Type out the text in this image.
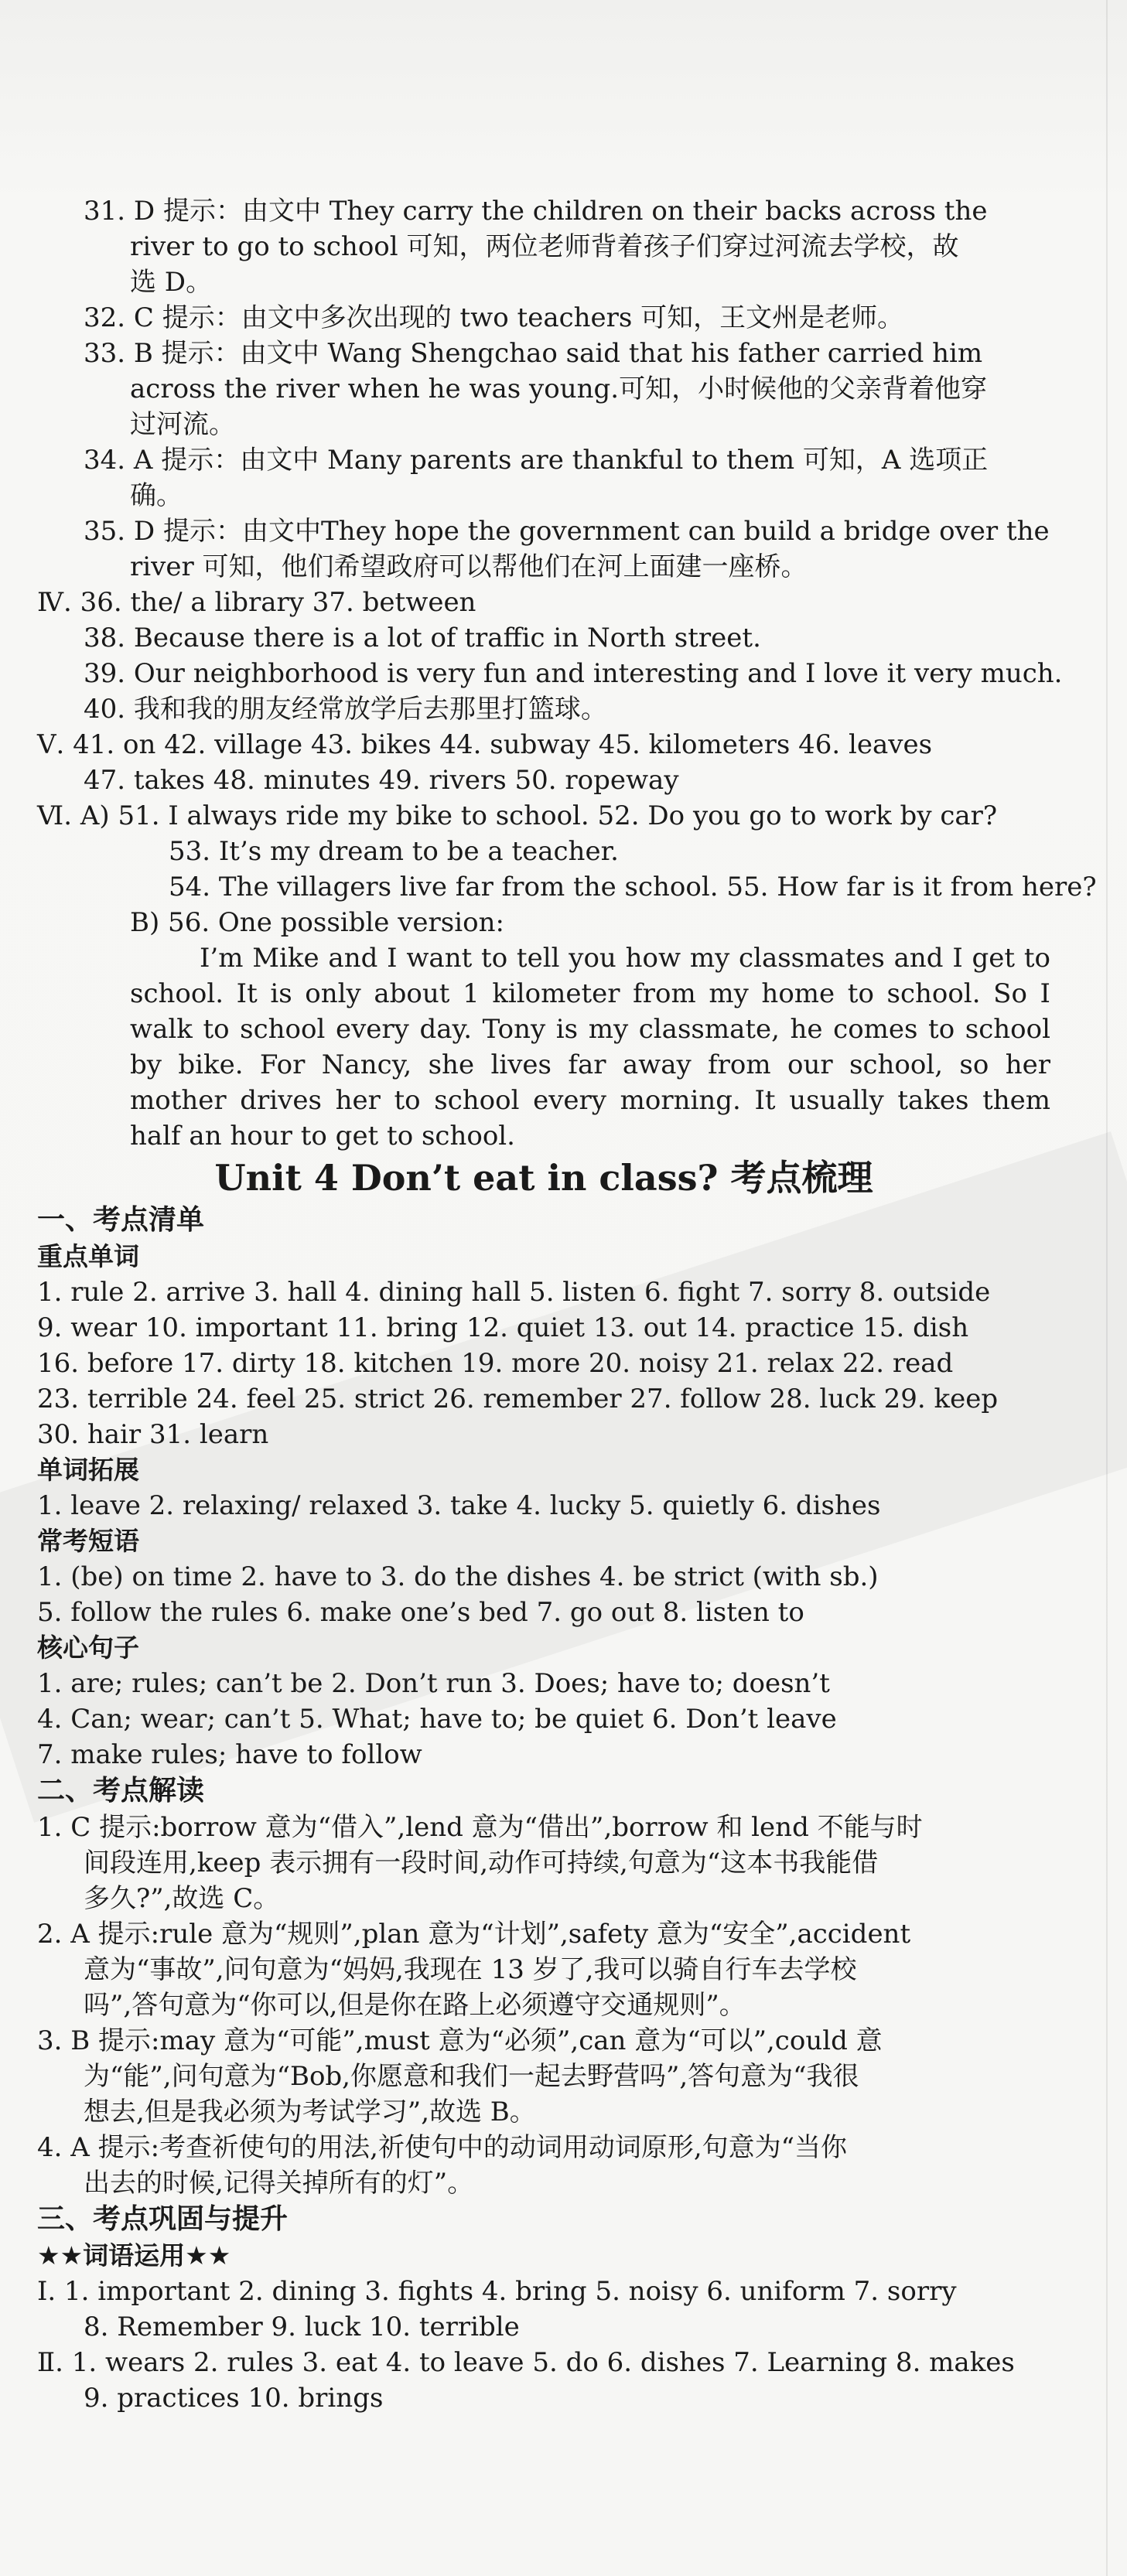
31. D 提示：由文中 They carry the children on their backs across the
river to go to school 可知，两位老师背着孩子们穿过河流去学校，故
选 D。
32. C 提示：由文中多次出现的 two teachers 可知，王文州是老师。
33. B 提示：由文中 Wang Shengchao said that his father carried him
across the river when he was young.可知，小时候他的父亲背着他穿
过河流。
34. A 提示：由文中 Many parents are thankful to them 可知，A 选项正
确。
35. D 提示：由文中They hope the government can build a bridge over the
river 可知，他们希望政府可以帮他们在河上面建一座桥。
Ⅳ. 36. the/ a library 37. between
38. Because there is a lot of traffic in North street.
39. Our neighborhood is very fun and interesting and I love it very much.
40. 我和我的朋友经常放学后去那里打篮球。
Ⅴ. 41. on 42. village 43. bikes 44. subway 45. kilometers 46. leaves
47. takes 48. minutes 49. rivers 50. ropeway
Ⅵ. A) 51. I always ride my bike to school. 52. Do you go to work by car?
53. It’s my dream to be a teacher.
54. The villagers live far from the school. 55. How far is it from here?
B) 56. One possible version:
I’m Mike and I want to tell you how my classmates and I get to school. It is only about 1 kilometer from my home to school. So I walk to school every day. Tony is my classmate, he comes to school by bike. For Nancy, she lives far away from our school, so her mother drives her to school every morning. It usually takes them half an hour to get to school.
Unit 4 Don’t eat in class? 考点梳理
一、考点清单
重点单词
1. rule 2. arrive 3. hall 4. dining hall 5. listen 6. fight 7. sorry 8. outside
9. wear 10. important 11. bring 12. quiet 13. out 14. practice 15. dish
16. before 17. dirty 18. kitchen 19. more 20. noisy 21. relax 22. read
23. terrible 24. feel 25. strict 26. remember 27. follow 28. luck 29. keep
30. hair 31. learn
单词拓展
1. leave 2. relaxing/ relaxed 3. take 4. lucky 5. quietly 6. dishes
常考短语
1. (be) on time 2. have to 3. do the dishes 4. be strict (with sb.)
5. follow the rules 6. make one’s bed 7. go out 8. listen to
核心句子
1. are; rules; can’t be 2. Don’t run 3. Does; have to; doesn’t
4. Can; wear; can’t 5. What; have to; be quiet 6. Don’t leave
7. make rules; have to follow
二、考点解读
1. C 提示:borrow 意为“借入”,lend 意为“借出”,borrow 和 lend 不能与时
间段连用,keep 表示拥有一段时间,动作可持续,句意为“这本书我能借
多久?”,故选 C。
2. A 提示:rule 意为“规则”,plan 意为“计划”,safety 意为“安全”,accident
意为“事故”,问句意为“妈妈,我现在 13 岁了,我可以骑自行车去学校
吗”,答句意为“你可以,但是你在路上必须遵守交通规则”。
3. B 提示:may 意为“可能”,must 意为“必须”,can 意为“可以”,could 意
为“能”,问句意为“Bob,你愿意和我们一起去野营吗”,答句意为“我很
想去,但是我必须为考试学习”,故选 B。
4. A 提示:考查祈使句的用法,祈使句中的动词用动词原形,句意为“当你
出去的时候,记得关掉所有的灯”。
三、考点巩固与提升
★★词语运用★★
Ⅰ. 1. important 2. dining 3. fights 4. bring 5. noisy 6. uniform 7. sorry
8. Remember 9. luck 10. terrible
Ⅱ. 1. wears 2. rules 3. eat 4. to leave 5. do 6. dishes 7. Learning 8. makes
9. practices 10. brings
